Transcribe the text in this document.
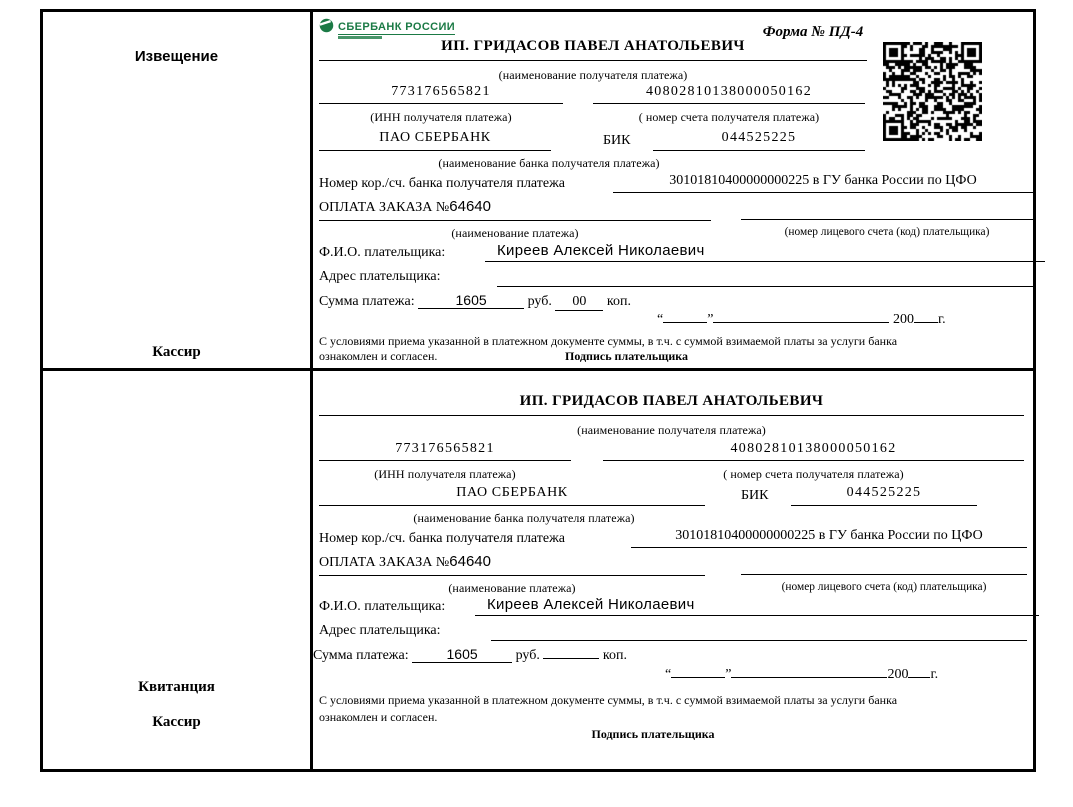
Извещение
Кассир
СБЕРБАНК РОССИИ	Форма № ПД-4
ИП. ГРИДАСОВ ПАВЕЛ АНАТОЛЬЕВИЧ
(наименование получателя платежа)
773176565821	40802810138000050162
(ИНН получателя платежа)	( номер счета получателя платежа)
ПАО СБЕРБАНК	БИК	044525225
(наименование банка получателя платежа)
Номер кор./сч. банка получателя платежа	30101810400000000225 в ГУ банка России по ЦФО
ОПЛАТА ЗАКАЗА №64640
(наименование платежа)	(номер лицевого счета (код) плательщика)
Ф.И.О. плательщика:	Киреев Алексей Николаевич
Адрес плательщика:
Сумма платежа:	1605	руб. 00 коп.
“	”	200 г.
С условиями приема указанной в платежном документе суммы, в т.ч. с суммой взимаемой платы за услуги банка
ознакомлен и согласен.	Подпись плательщика
Квитанция
Кассир
ИП. ГРИДАСОВ ПАВЕЛ АНАТОЛЬЕВИЧ
(наименование получателя платежа)
773176565821	40802810138000050162
(ИНН получателя платежа)	( номер счета получателя платежа)
ПАО СБЕРБАНК	БИК	044525225
(наименование банка получателя платежа)
Номер кор./сч. банка получателя платежа	30101810400000000225 в ГУ банка России по ЦФО
ОПЛАТА ЗАКАЗА №64640
(наименование платежа)	(номер лицевого счета (код) плательщика)
Ф.И.О. плательщика:	Киреев Алексей Николаевич
Адрес плательщика:
Сумма платежа:	1605	руб.	коп.
“	”	200 г.
С условиями приема указанной в платежном документе суммы, в т.ч. с суммой взимаемой платы за услуги банка
ознакомлен и согласен.
Подпись плательщика
